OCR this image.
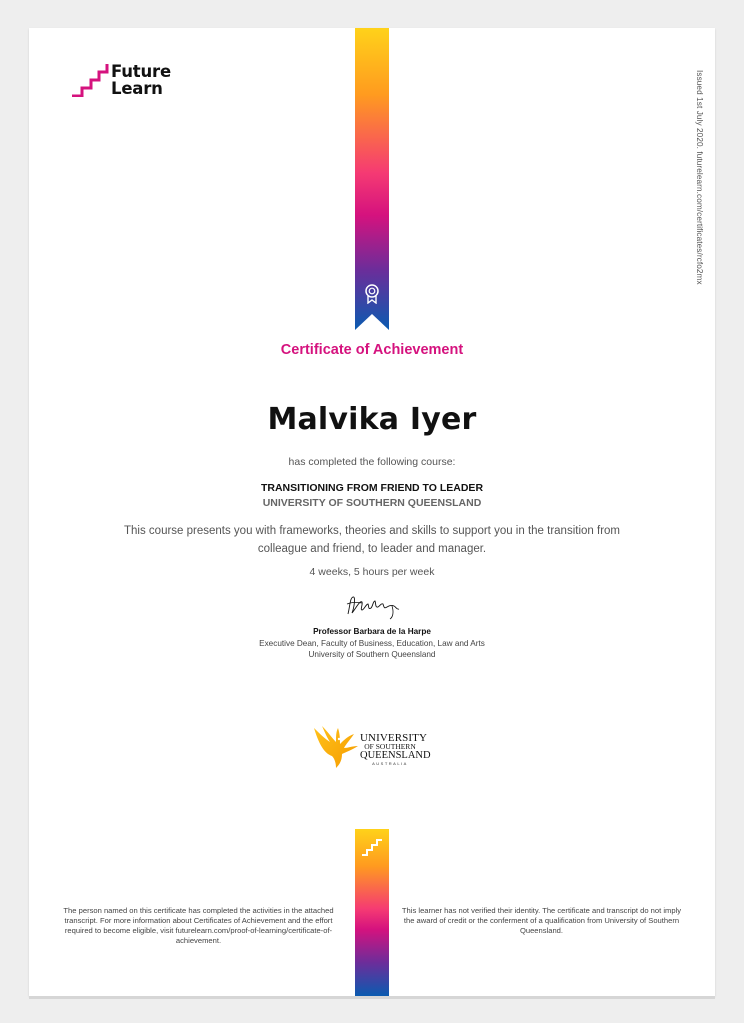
Future
Learn	Issued 1st July 2020. futurelearn.com/certificates/rcfo2mx
Certificate of Achievement
Malvika Iyer
has completed the following course:
TRANSITIONING FROM FRIEND TO LEADER
UNIVERSITY OF SOUTHERN QUEENSLAND
This course presents you with frameworks, theories and skills to support you in the transition from colleague and friend, to leader and manager.
4 weeks, 5 hours per week
Professor Barbara de la Harpe
Executive Dean, Faculty of Business, Education, Law and Arts
University of Southern Queensland
UNIVERSITY
OF SOUTHERN
QUEENSLAND
AUSTRALIA
The person named on this certificate has completed the activities in the attached transcript. For more information about Certificates of Achievement and the effort required to become eligible, visit futurelearn.com/proof-of-learning/certificate-of-achievement.
This learner has not verified their identity. The certificate and transcript do not imply the award of credit or the conferment of a qualification from University of Southern Queensland.
